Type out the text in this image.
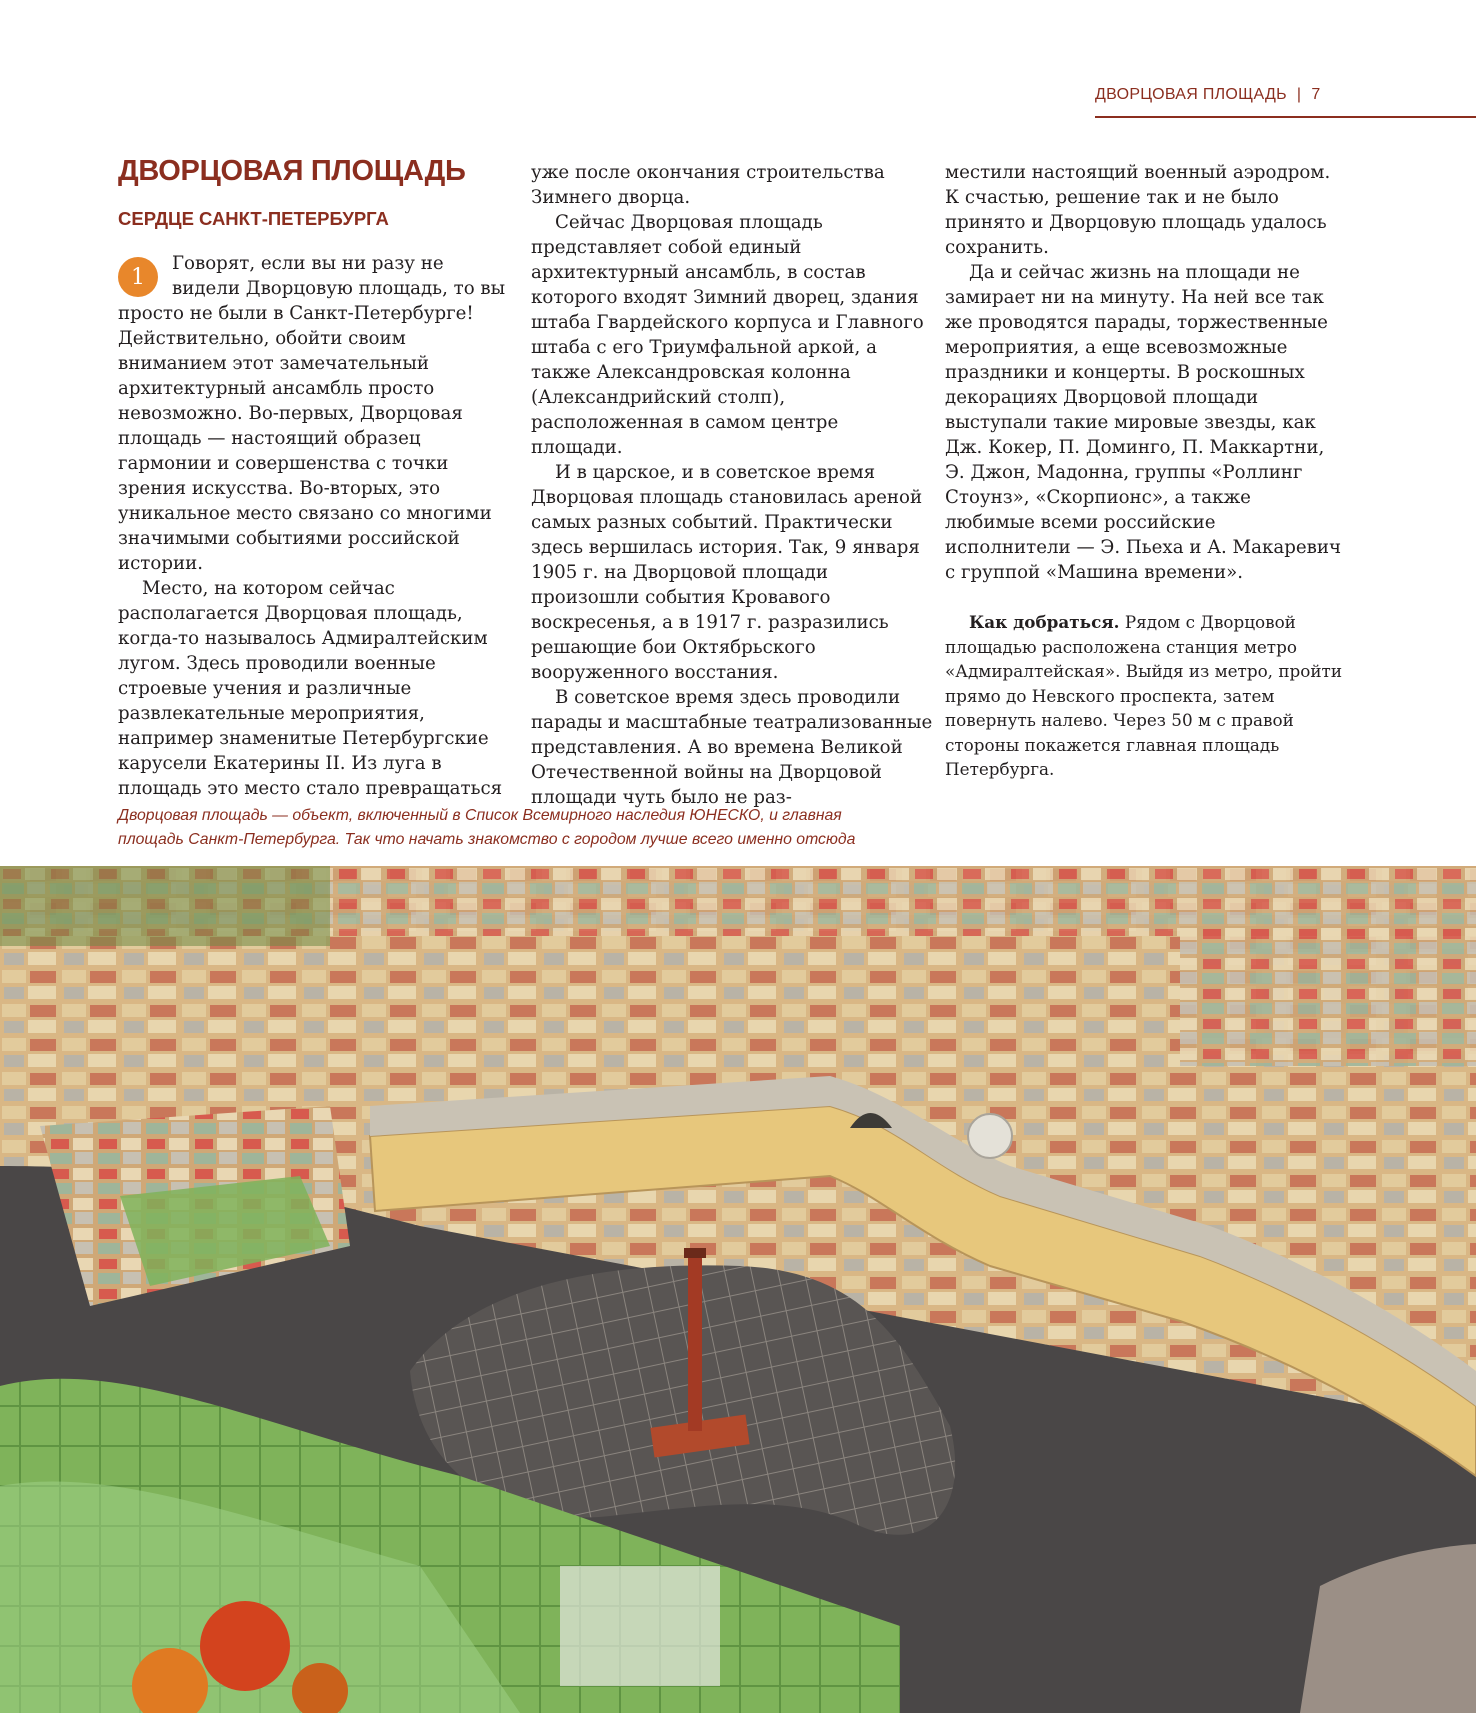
ДВОРЦОВАЯ ПЛОЩАДЬ | 7
ДВОРЦОВАЯ ПЛОЩАДЬ
СЕРДЦЕ САНКТ-ПЕТЕРБУРГА
1

Говорят, если вы ни разу не видели Дворцовую площадь, то вы просто не были в Санкт-Петербурге! Действительно, обойти своим вниманием этот замечательный архитектурный ансамбль просто невозможно. Во-первых, Дворцовая площадь — настоящий образец гармонии и совершенства с точки зрения искусства. Во-вторых, это уникальное место связано со многими значимыми событиями российской истории.

Место, на котором сейчас располагается Дворцовая площадь, когда-то называлось Адмиралтейским лугом. Здесь проводили военные строевые учения и различные развлекательные мероприятия, например знаменитые Петербургские карусели Екатерины II. Из луга в площадь это место стало превращаться

уже после окончания строительства Зимнего дворца.

Сейчас Дворцовая площадь представляет собой единый архитектурный ансамбль, в состав которого входят Зимний дворец, здания штаба Гвардейского корпуса и Главного штаба с его Триумфальной аркой, а также Александровская колонна (Александрийский столп), расположенная в самом центре площади.

И в царское, и в советское время Дворцовая площадь становилась ареной самых разных событий. Практически здесь вершилась история. Так, 9 января 1905 г. на Дворцовой площади произошли события Кровавого воскресенья, а в 1917 г. разразились решающие бои Октябрьского вооруженного восстания.

В советское время здесь проводили парады и масштабные театрализованные представления. А во времена Великой Отечественной войны на Дворцовой площади чуть было не раз-

местили настоящий военный аэродром. К счастью, решение так и не было принято и Дворцовую площадь удалось сохранить.

Да и сейчас жизнь на площади не замирает ни на минуту. На ней все так же проводятся парады, торжественные мероприятия, а еще всевозможные праздники и концерты. В роскошных декорациях Дворцовой площади выступали такие мировые звезды, как Дж. Кокер, П. Доминго, П. Маккартни, Э. Джон, Мадонна, группы «Роллинг Стоунз», «Скорпионс», а также любимые всеми российские исполнители — Э. Пьеха и А. Макаревич с группой «Машина времени».

Как добраться. Рядом с Дворцовой площадью расположена станция метро «Адмиралтейская». Выйдя из метро, пройти прямо до Невского проспекта, затем повернуть налево. Через 50 м с правой стороны покажется главная площадь Петербурга.

Дворцовая площадь — объект, включенный в Список Всемирного наследия ЮНЕСКО, и главная площадь Санкт-Петербурга. Так что начать знакомство с городом лучше всего именно отсюда
